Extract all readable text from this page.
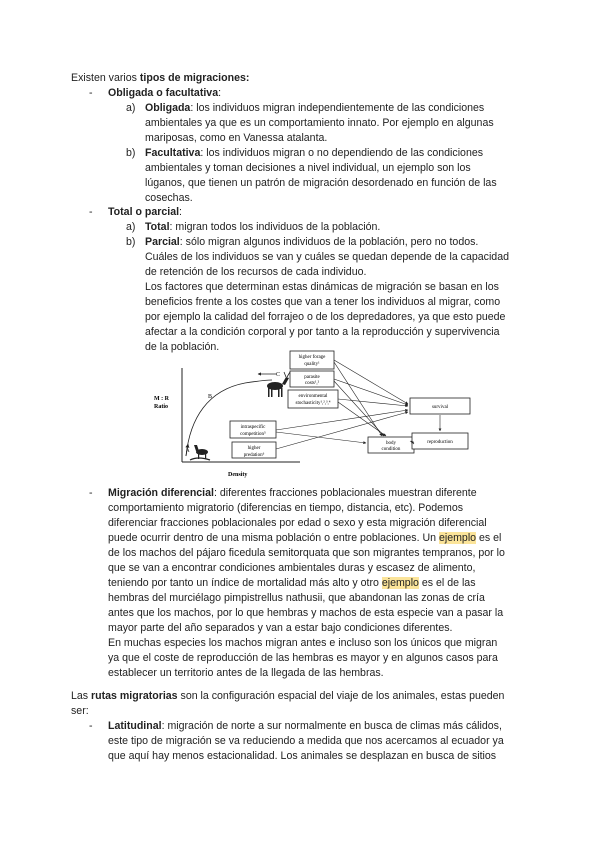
Existen varios tipos de migraciones:
- Obligada o facultativa:
a) Obligada: los individuos migran independientemente de las condiciones
ambientales ya que es un comportamiento innato. Por ejemplo en algunas
mariposas, como en Vanessa atalanta.
b) Facultativa: los individuos migran o no dependiendo de las condiciones
ambientales y toman decisiones a nivel individual, un ejemplo son los
lúganos, que tienen un patrón de migración desordenado en función de las
cosechas.
- Total o parcial:
a) Total: migran todos los individuos de la población.
b) Parcial: sólo migran algunos individuos de la población, pero no todos.
Cuáles de los individuos se van y cuáles se quedan depende de la capacidad
de retención de los recursos de cada individuo.
Los factores que determinan estas dinámicas de migración se basan en los
beneficios frente a los costes que van a tener los individuos al migrar, como
por ejemplo la calidad del forrajeo o de los depredadores, ya que esto puede
afectar a la condición corporal y por tanto a la reproducción y supervivencia
de la población.
M : R
Ratio
Density
A
B
C
higher forage
quality¹
parasite
costs¹,²
environmental
stochasticity¹,²,³,⁴
intraspecific
competition⁵
higher
predation⁶
survival
body
condition
reproduction
- Migración diferencial: diferentes fracciones poblacionales muestran diferente
comportamiento migratorio (diferencias en tiempo, distancia, etc). Podemos
diferenciar fracciones poblacionales por edad o sexo y esta migración diferencial
puede ocurrir dentro de una misma población o entre poblaciones. Un ejemplo es el
de los machos del pájaro ficedula semitorquata que son migrantes tempranos, por lo
que se van a encontrar condiciones ambientales duras y escasez de alimento,
teniendo por tanto un índice de mortalidad más alto y otro ejemplo es el de las
hembras del murciélago pimpistrellus nathusii, que abandonan las zonas de cría
antes que los machos, por lo que hembras y machos de esta especie van a pasar la
mayor parte del año separados y van a estar bajo condiciones diferentes.
En muchas especies los machos migran antes e incluso son los únicos que migran
ya que el coste de reproducción de las hembras es mayor y en algunos casos para
establecer un territorio antes de la llegada de las hembras.
Las rutas migratorias son la configuración espacial del viaje de los animales, estas pueden
ser:
- Latitudinal: migración de norte a sur normalmente en busca de climas más cálidos,
este tipo de migración se va reduciendo a medida que nos acercamos al ecuador ya
que aquí hay menos estacionalidad. Los animales se desplazan en busca de sitios
